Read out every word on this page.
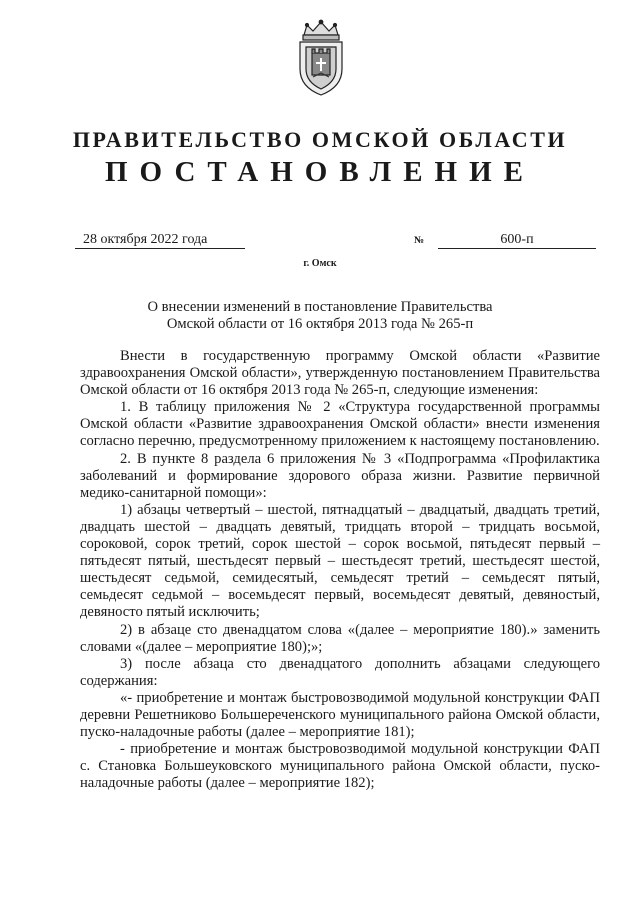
ПРАВИТЕЛЬСТВО ОМСКОЙ ОБЛАСТИ
ПОСТАНОВЛЕНИЕ
28 октября 2022 года	№	600-п
г. Омск
О внесении изменений в постановление Правительства
Омской области от 16 октября 2013 года № 265-п

Внести в государственную программу Омской области «Развитие здравоохранения Омской области», утвержденную постановлением Правительства Омской области от 16 октября 2013 года № 265-п, следующие изменения:

1. В таблицу приложения № 2 «Структура государственной программы Омской области «Развитие здравоохранения Омской области» внести изменения согласно перечню, предусмотренному приложением к настоящему постановлению.

2. В пункте 8 раздела 6 приложения № 3 «Подпрограмма «Профилактика заболеваний и формирование здорового образа жизни. Развитие первичной медико-санитарной помощи»:

1) абзацы четвертый – шестой, пятнадцатый – двадцатый, двадцать третий, двадцать шестой – двадцать девятый, тридцать второй – тридцать восьмой, сороковой, сорок третий, сорок шестой – сорок восьмой, пятьдесят первый – пятьдесят пятый, шестьдесят первый – шестьдесят третий, шестьдесят шестой, шестьдесят седьмой, семидесятый, семьдесят третий – семьдесят пятый, семьдесят седьмой – восемьдесят первый, восемьдесят девятый, девяностый, девяносто пятый исключить;

2) в абзаце сто двенадцатом слова «(далее – мероприятие 180).» заменить словами «(далее – мероприятие 180);»;

3) после абзаца сто двенадцатого дополнить абзацами следующего содержания:

«- приобретение и монтаж быстровозводимой модульной конструкции ФАП деревни Решетниково Большереченского муниципального района Омской области, пуско-наладочные работы (далее – мероприятие 181);

- приобретение и монтаж быстровозводимой модульной конструкции ФАП с. Становка Большеуковского муниципального района Омской области, пуско-наладочные работы (далее – мероприятие 182);
